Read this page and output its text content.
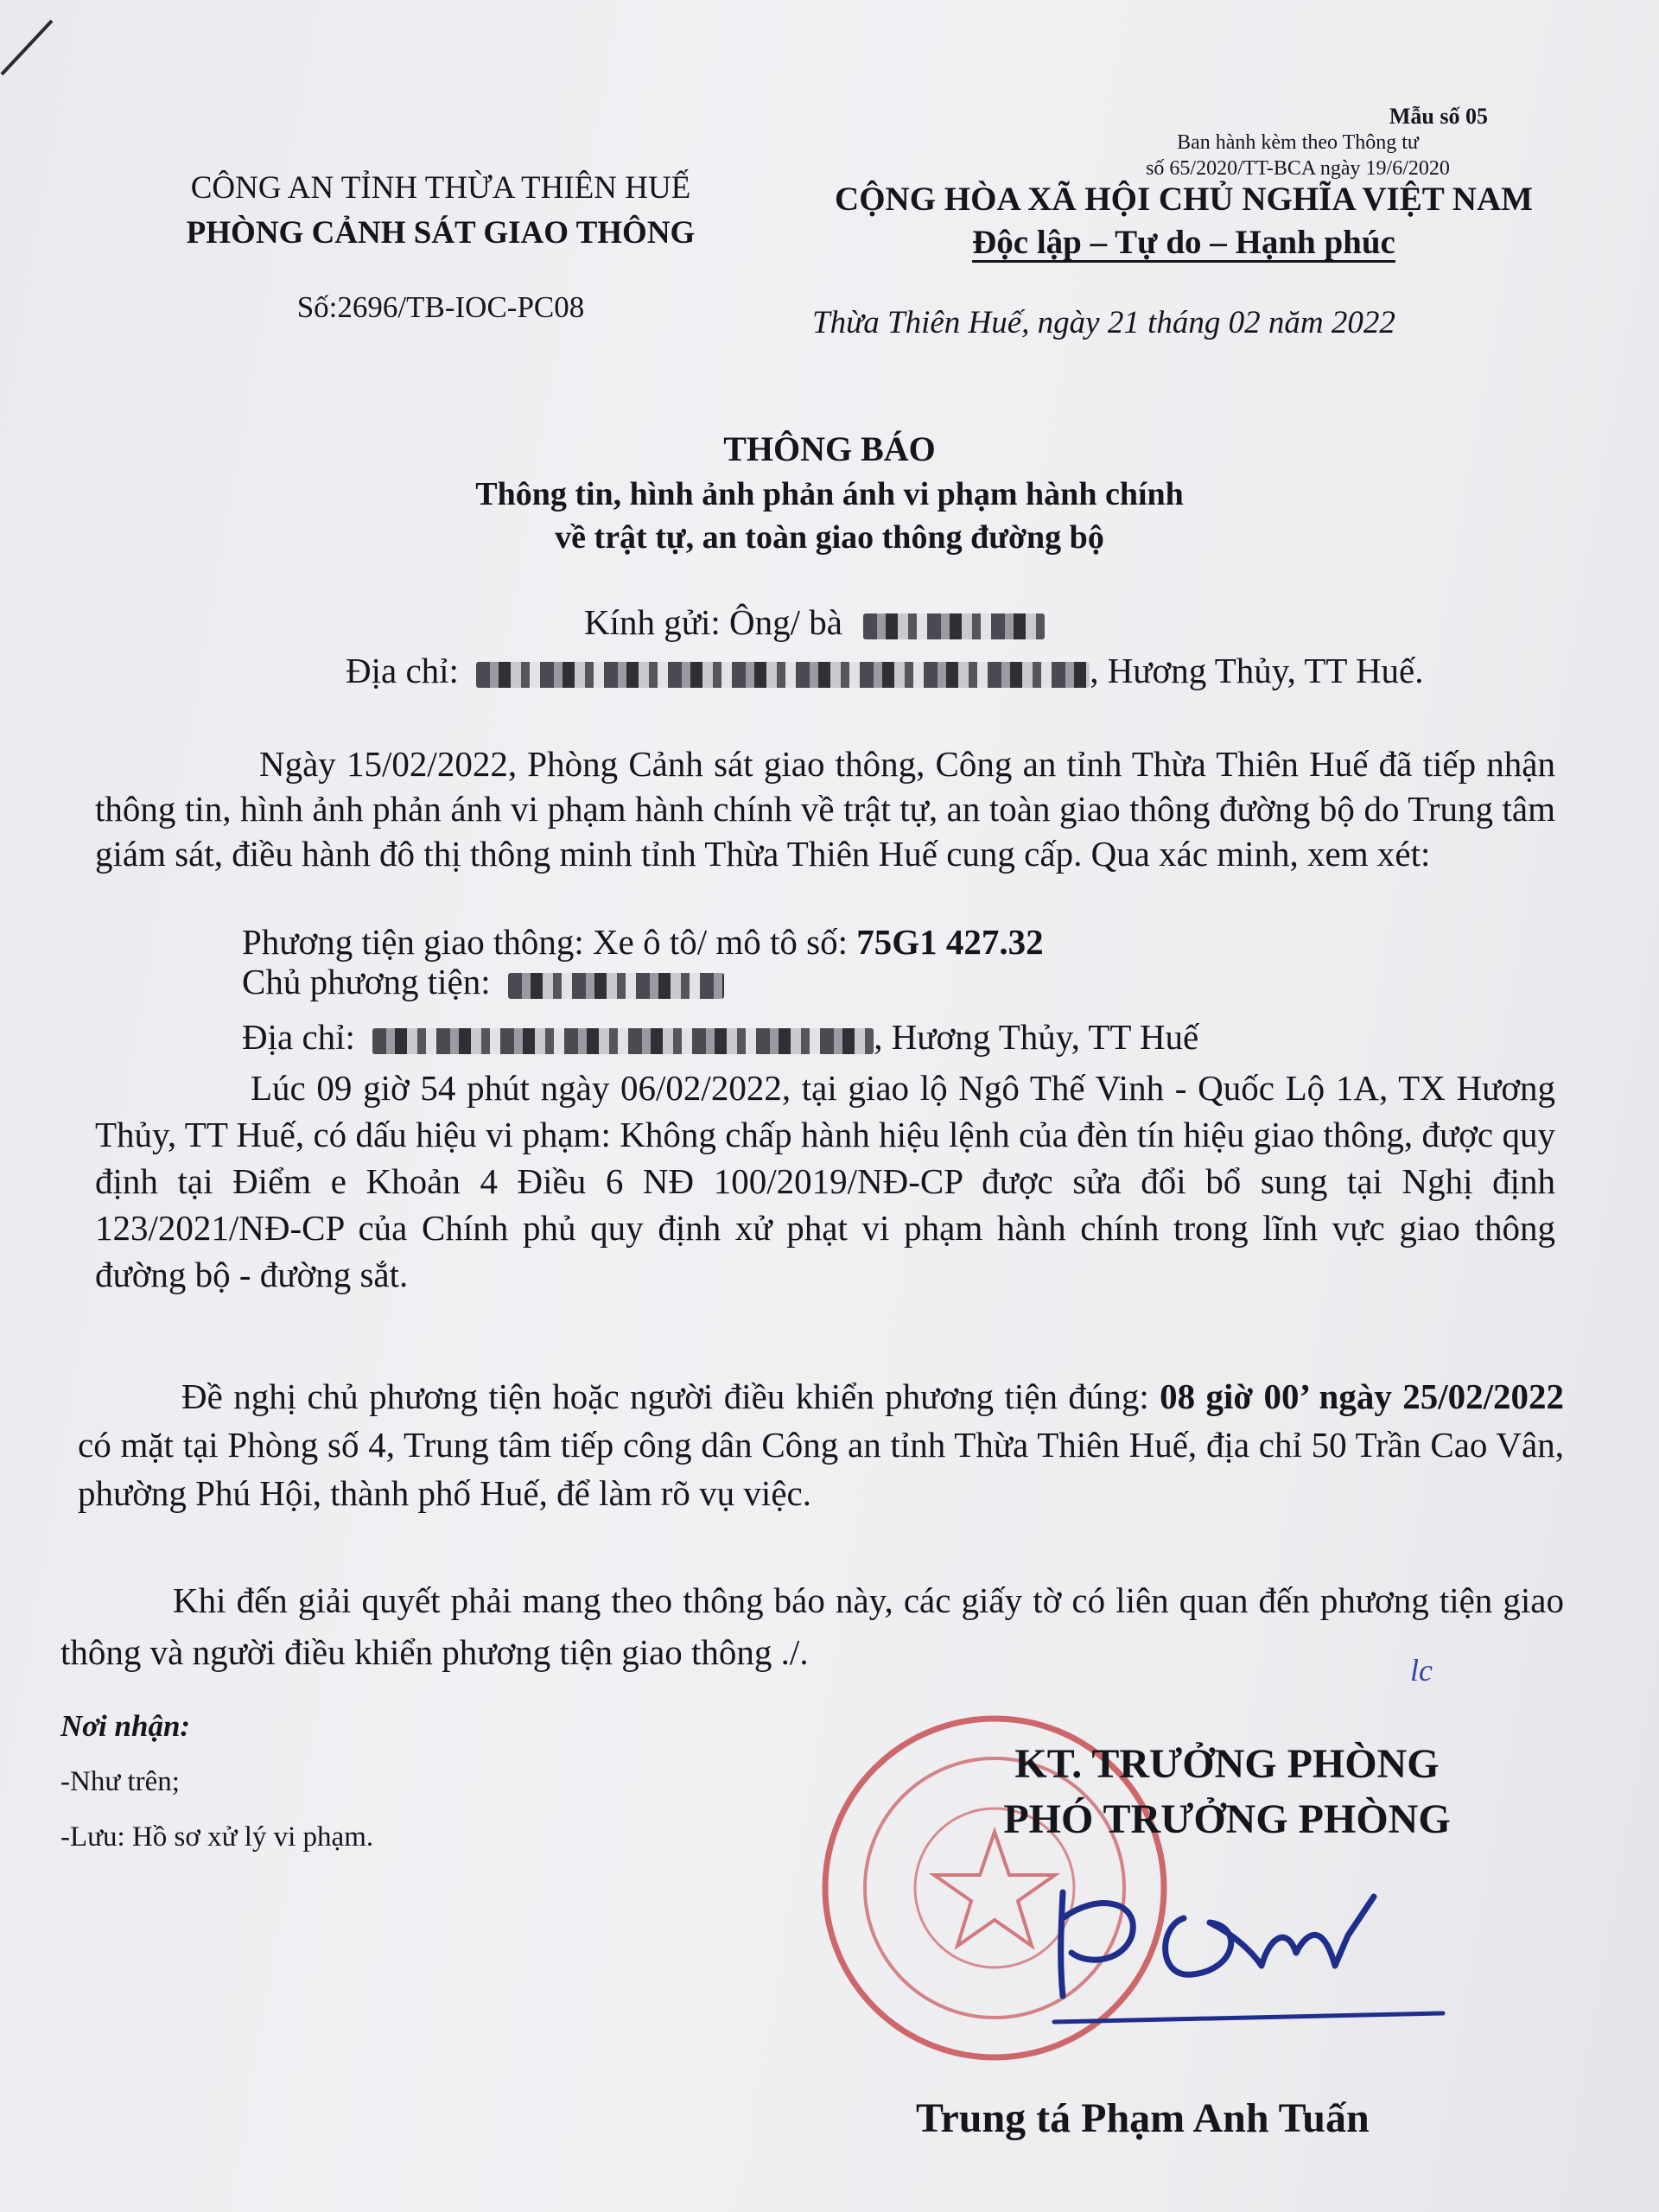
Mẫu số 05
Ban hành kèm theo Thông tư
số 65/2020/TT-BCA ngày 19/6/2020
CÔNG AN TỈNH THỪA THIÊN HUẾ
PHÒNG CẢNH SÁT GIAO THÔNG
Số:2696/TB-IOC-PC08
CỘNG HÒA XÃ HỘI CHỦ NGHĨA VIỆT NAM
Độc lập – Tự do – Hạnh phúc
Thừa Thiên Huế, ngày 21 tháng 02 năm 2022
THÔNG BÁO
Thông tin, hình ảnh phản ánh vi phạm hành chính
về trật tự, an toàn giao thông đường bộ
Kính gửi: Ông/ bà
Địa chỉ:	, Hương Thủy, TT Huế.
Ngày 15/02/2022, Phòng Cảnh sát giao thông, Công an tỉnh Thừa Thiên Huế đã tiếp nhận thông tin, hình ảnh phản ánh vi phạm hành chính về trật tự, an toàn giao thông đường bộ do Trung tâm giám sát, điều hành đô thị thông minh tỉnh Thừa Thiên Huế cung cấp. Qua xác minh, xem xét:
Phương tiện giao thông: Xe ô tô/ mô tô số: 75G1 427.32
Chủ phương tiện:
Địa chỉ:	, Hương Thủy, TT Huế
Lúc 09 giờ 54 phút ngày 06/02/2022, tại giao lộ Ngô Thế Vinh - Quốc Lộ 1A, TX Hương Thủy, TT Huế, có dấu hiệu vi phạm: Không chấp hành hiệu lệnh của đèn tín hiệu giao thông, được quy định tại Điểm e Khoản 4 Điều 6 NĐ 100/2019/NĐ-CP được sửa đổi bổ sung tại Nghị định 123/2021/NĐ-CP của Chính phủ quy định xử phạt vi phạm hành chính trong lĩnh vực giao thông đường bộ - đường sắt.
Đề nghị chủ phương tiện hoặc người điều khiển phương tiện đúng: 08 giờ 00’ ngày 25/02/2022 có mặt tại Phòng số 4, Trung tâm tiếp công dân Công an tỉnh Thừa Thiên Huế, địa chỉ 50 Trần Cao Vân, phường Phú Hội, thành phố Huế, để làm rõ vụ việc.
Khi đến giải quyết phải mang theo thông báo này, các giấy tờ có liên quan đến phương tiện giao thông và người điều khiển phương tiện giao thông ./.	lc
Nơi nhận:
-Như trên;
-Lưu: Hồ sơ xử lý vi phạm.
KT. TRƯỞNG PHÒNG
PHÓ TRƯỞNG PHÒNG
Trung tá Phạm Anh Tuấn
